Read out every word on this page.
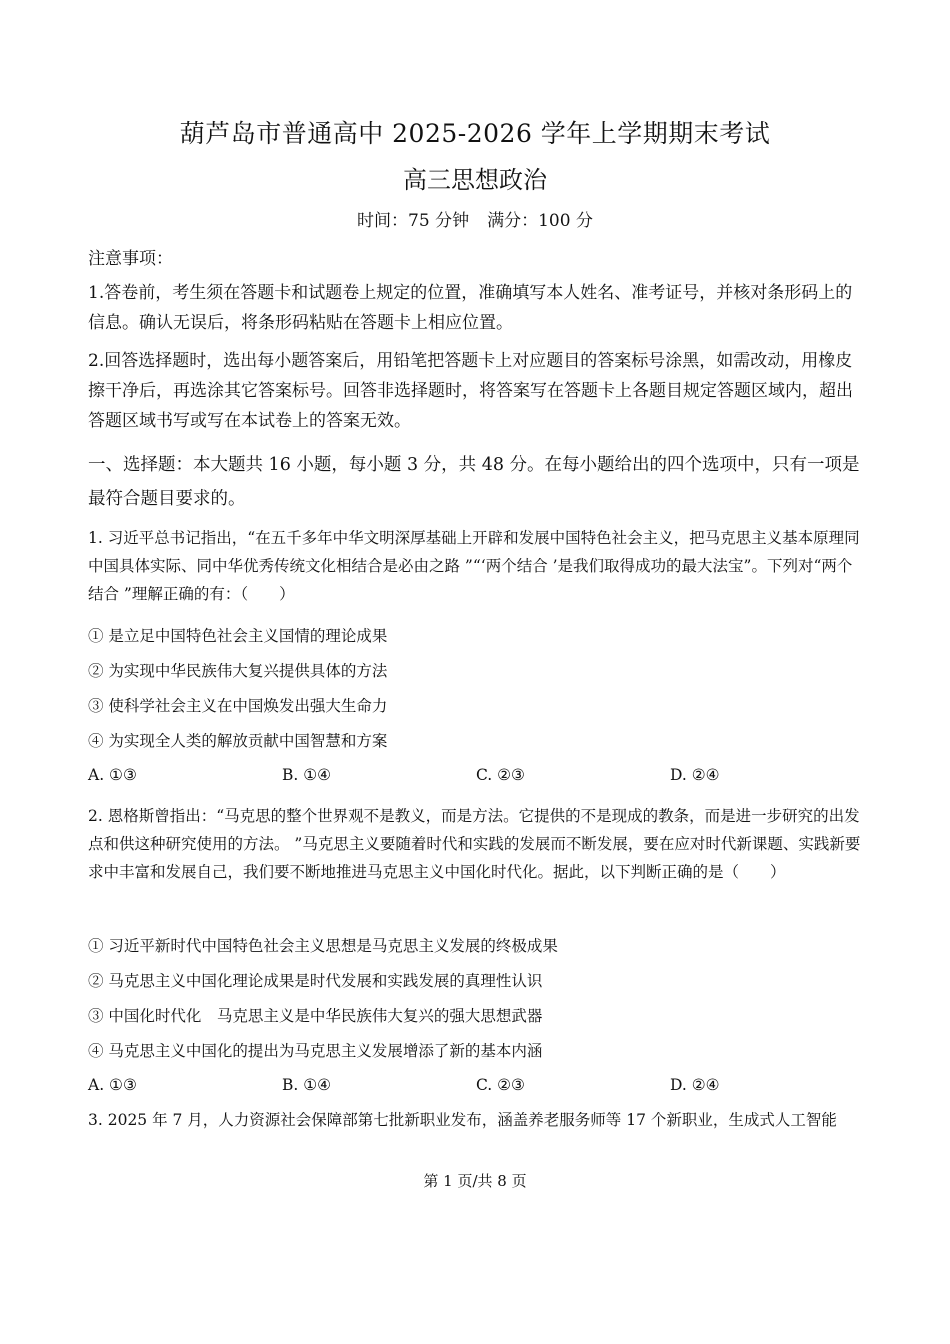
葫芦岛市普通高中 2025-2026 学年上学期期末考试
高三思想政治
时间：75 分钟 满分：100 分
注意事项：
1.答卷前，考生须在答题卡和试题卷上规定的位置，准确填写本人姓名、准考证号，并核对条形码上的信息。确认无误后，将条形码粘贴在答题卡上相应位置。
2.回答选择题时，选出每小题答案后，用铅笔把答题卡上对应题目的答案标号涂黑，如需改动，用橡皮擦干净后，再选涂其它答案标号。回答非选择题时，将答案写在答题卡上各题目规定答题区域内，超出答题区域书写或写在本试卷上的答案无效。
一、选择题：本大题共 16 小题，每小题 3 分，共 48 分。在每小题给出的四个选项中，只有一项是最符合题目要求的。
1. 习近平总书记指出，“在五千多年中华文明深厚基础上开辟和发展中国特色社会主义，把马克思主义基本原理同中国具体实际、同中华优秀传统文化相结合是必由之路 ”“‘两个结合 ’是我们取得成功的最大法宝”。下列对“两个结合 ”理解正确的有：（　　）
① 是立足中国特色社会主义国情的理论成果
② 为实现中华民族伟大复兴提供具体的方法
③ 使科学社会主义在中国焕发出强大生命力
④ 为实现全人类的解放贡献中国智慧和方案
A. ①③	B. ①④	C. ②③	D. ②④
2. 恩格斯曾指出：“马克思的整个世界观不是教义，而是方法。它提供的不是现成的教条，而是进一步研究的出发点和供这种研究使用的方法。 ”马克思主义要随着时代和实践的发展而不断发展，要在应对时代新课题、实践新要求中丰富和发展自己，我们要不断地推进马克思主义中国化时代化。据此，以下判断正确的是（　　）
① 习近平新时代中国特色社会主义思想是马克思主义发展的终极成果
② 马克思主义中国化理论成果是时代发展和实践发展的真理性认识
③ 中国化时代化　马克思主义是中华民族伟大复兴的强大思想武器
④ 马克思主义中国化的提出为马克思主义发展增添了新的基本内涵
A. ①③	B. ①④	C. ②③	D. ②④
3. 2025 年 7 月，人力资源社会保障部第七批新职业发布，涵盖养老服务师等 17 个新职业，生成式人工智能
第 1 页/共 8 页
